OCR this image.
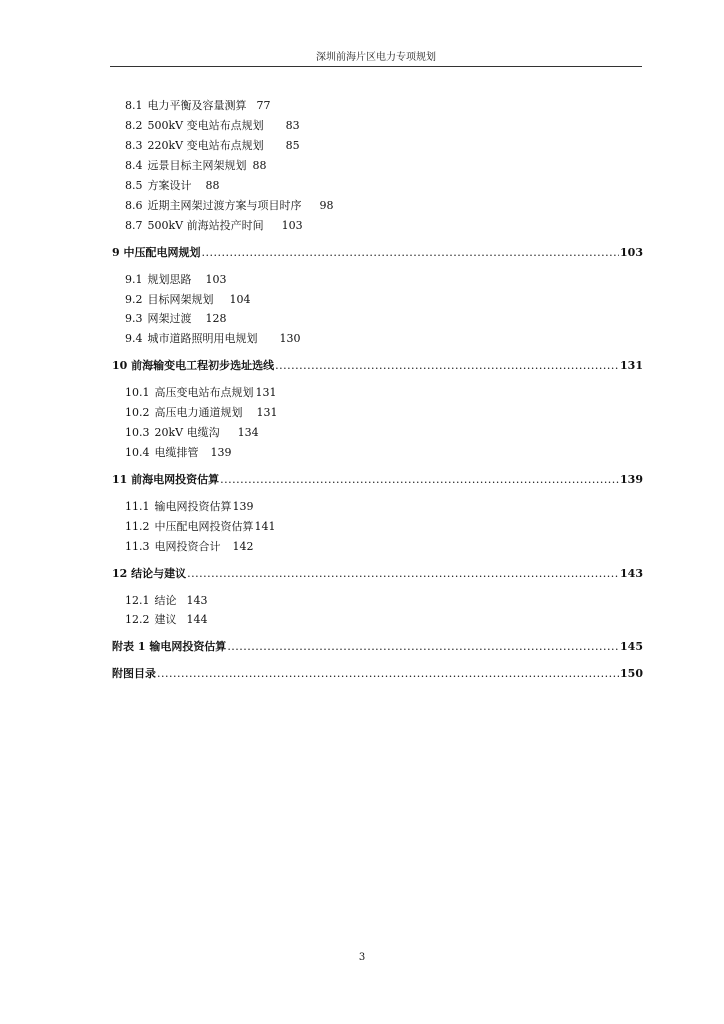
深圳前海片区电力专项规划
8.1 电力平衡及容量测算 77
8.2 500kV 变电站布点规划 83
8.3 220kV 变电站布点规划 85
8.4 远景目标主网架规划 88
8.5 方案设计 88
8.6 近期主网架过渡方案与项目时序 98
8.7 500kV 前海站投产时间 103
9 中压配电网规划 .....	103
9.1 规划思路 103
9.2 目标网架规划 104
9.3 网架过渡 128
9.4 城市道路照明用电规划 130
10 前海输变电工程初步选址选线 .....	131
10.1 高压变电站布点规划 131
10.2 高压电力通道规划 131
10.3 20kV 电缆沟 134
10.4 电缆排管 139
11 前海电网投资估算 .....	139
11.1 输电网投资估算139
11.2 中压配电网投资估算141
11.3 电网投资合计 142
12 结论与建议 .....	143
12.1 结论 143
12.2 建议 144
附表 1 输电网投资估算 .....	145
附图目录 .....	150
3
